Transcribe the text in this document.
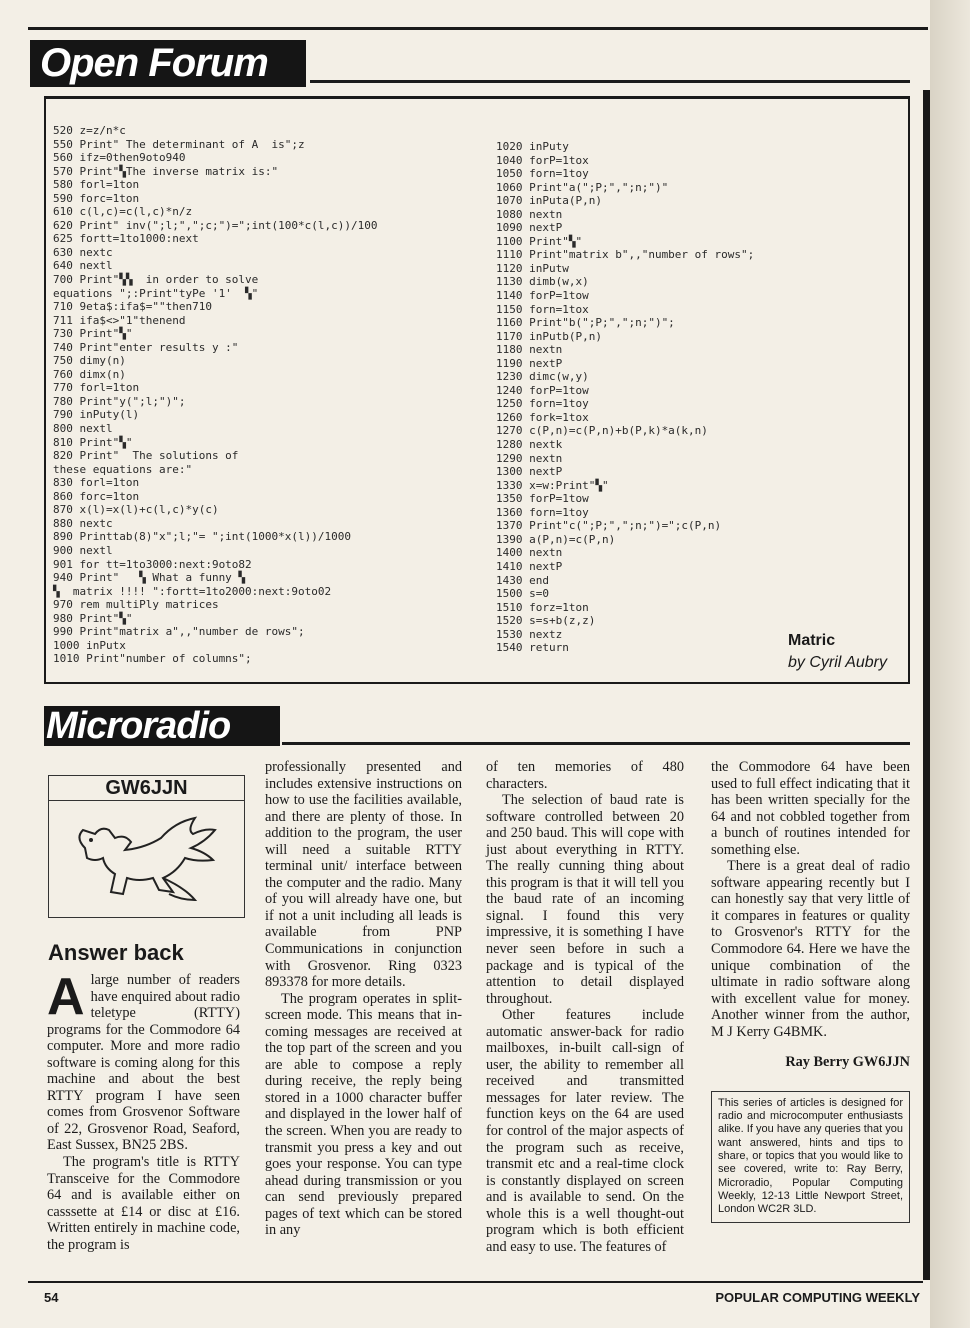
Open Forum
520 z=z/n*c
550 Print" The determinant of A  is";z
560 ifz=0then9oto940
570 Print"▚The inverse matrix is:"
580 forl=1ton
590 forc=1ton
610 c(l,c)=c(l,c)*n/z
620 Print" inv(";l;",";c;")=";int(100*c(l,c))/100
625 fortt=1to1000:next
630 nextc
640 nextl
700 Print"▚▚  in order to solve
equations ";:Print"tyPe '1'  ▚"
710 9eta$:ifa$=""then710
711 ifa$<>"1"thenend
730 Print"▚"
740 Print"enter results y :"
750 dimy(n)
760 dimx(n)
770 forl=1ton
780 Print"y(";l;")";
790 inPuty(l)
800 nextl
810 Print"▚"
820 Print"  The solutions of
these equations are:"
830 forl=1ton
860 forc=1ton
870 x(l)=x(l)+c(l,c)*y(c)
880 nextc
890 Printtab(8)"x";l;"= ";int(1000*x(l))/1000
900 nextl
901 for tt=1to3000:next:9oto82
940 Print"   ▚ What a funny ▚
▚  matrix !!!! ":fortt=1to2000:next:9oto02
970 rem multiPly matrices
980 Print"▚"
990 Print"matrix a",,"number de rows";
1000 inPutx
1010 Print"number of columns";
1020 inPuty
1040 forP=1tox
1050 forn=1toy
1060 Print"a(";P;",";n;")"
1070 inPuta(P,n)
1080 nextn
1090 nextP
1100 Print"▚"
1110 Print"matrix b",,"number of rows";
1120 inPutw
1130 dimb(w,x)
1140 forP=1tow
1150 forn=1tox
1160 Print"b(";P;",";n;")";
1170 inPutb(P,n)
1180 nextn
1190 nextP
1230 dimc(w,y)
1240 forP=1tow
1250 forn=1toy
1260 fork=1tox
1270 c(P,n)=c(P,n)+b(P,k)*a(k,n)
1280 nextk
1290 nextn
1300 nextP
1330 x=w:Print"▚"
1350 forP=1tow
1360 forn=1toy
1370 Print"c(";P;",";n;")=";c(P,n)
1390 a(P,n)=c(P,n)
1400 nextn
1410 nextP
1430 end
1500 s=0
1510 forz=1ton
1520 s=s+b(z,z)
1530 nextz
1540 return	Matric
by Cyril Aubry
Microradio
GW6JJN
Answer back

Alarge number of readers have enquired about radio teletype (RTTY) programs for the Commodore 64 computer. More and more radio software is coming along for this machine and about the best RTTY program I have seen comes from Grosvenor Software of 22, Grosvenor Road, Seaford, East Sussex, BN25 2BS.

The program's title is RTTY Transceive for the Commodore 64 and is available either on casssette at £14 or disc at £16. Written entirely in machine code, the program is

professionally presented and includes extensive instructions on how to use the facilities available, and there are plenty of those. In addition to the program, the user will need a suitable RTTY terminal unit/ interface between the computer and the radio. Many of you will already have one, but if not a unit including all leads is available from PNP Communications in conjunction with Grosvenor. Ring 0323 893378 for more details.

The program operates in split-screen mode. This means that in-coming messages are received at the top part of the screen and you are able to compose a reply during receive, the reply being stored in a 1000 character buffer and displayed in the lower half of the screen. When you are ready to transmit you press a key and out goes your response. You can type ahead during transmission or you can send previously prepared pages of text which can be stored in any

of ten memories of 480 characters.

The selection of baud rate is software controlled between 20 and 250 baud. This will cope with just about everything in RTTY. The really cunning thing about this program is that it will tell you the baud rate of an incoming signal. I found this very impressive, it is something I have never seen before in such a package and is typical of the attention to detail displayed throughout.

Other features include automatic answer-back for radio mailboxes, in-built call-sign of user, the ability to remember all received and transmitted messages for later review. The function keys on the 64 are used for control of the major aspects of the program such as receive, transmit etc and a real-time clock is constantly displayed on screen and is available to send. On the whole this is a well thought-out program which is both efficient and easy to use. The features of

the Commodore 64 have been used to full effect indicating that it has been written specially for the 64 and not cobbled together from a bunch of routines intended for something else.

There is a great deal of radio software appearing recently but I can honestly say that very little of it compares in features or quality to Grosvenor's RTTY for the Commodore 64. Here we have the unique combination of the ultimate in radio software along with excellent value for money. Another winner from the author, M J Kerry G4BMK.

Ray Berry GW6JJN
This series of articles is designed for radio and microcomputer enthusiasts alike. If you have any queries that you want answered, hints and tips to share, or topics that you would like to see covered, write to: Ray Berry, Microradio, Popular Computing Weekly, 12-13 Little Newport Street, London WC2R 3LD.
54	POPULAR COMPUTING WEEKLY
